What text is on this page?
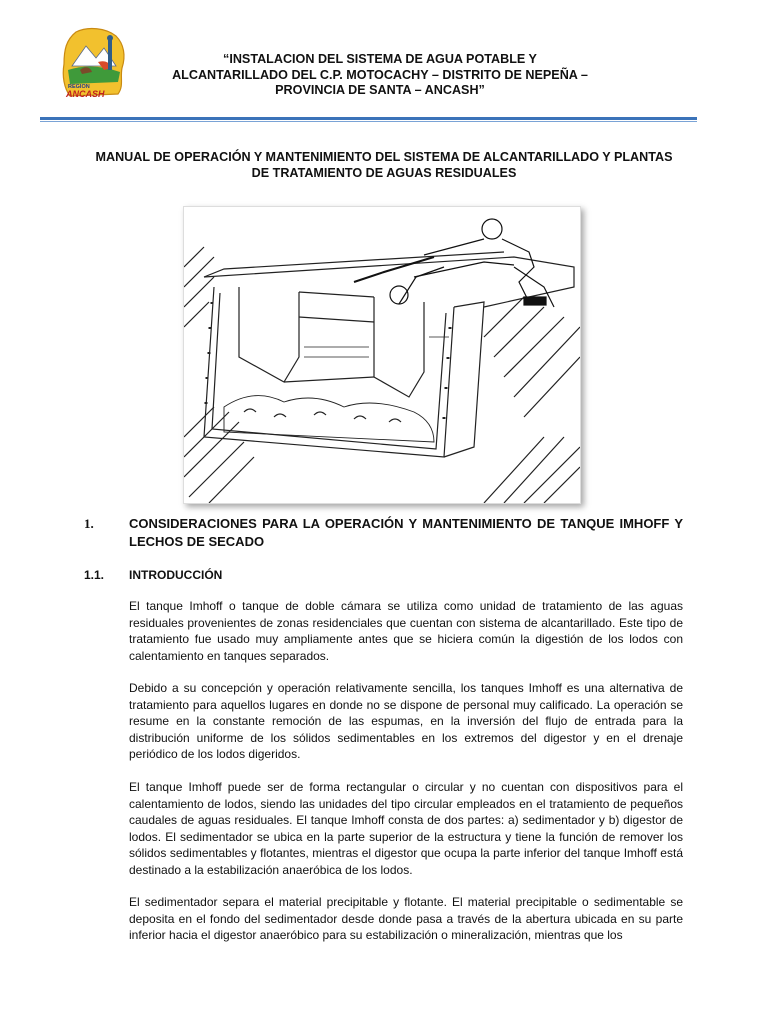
REGION
ANCASH
“INSTALACION DEL SISTEMA DE AGUA POTABLE Y
ALCANTARILLADO DEL C.P. MOTOCACHY – DISTRITO DE NEPEÑA –
PROVINCIA DE SANTA – ANCASH”
MANUAL DE OPERACIÓN Y MANTENIMIENTO DEL SISTEMA DE ALCANTARILLADO Y PLANTAS
DE TRATAMIENTO DE AGUAS RESIDUALES
1.	CONSIDERACIONES PARA LA OPERACIÓN Y MANTENIMIENTO DE TANQUE IMHOFF Y LECHOS DE SECADO
1.1. INTRODUCCIÓN

El tanque Imhoff o tanque de doble cámara se utiliza como unidad de tratamiento de las aguas residuales provenientes de zonas residenciales que cuentan con sistema de alcantarillado. Este tipo de tratamiento fue usado muy ampliamente antes que se hiciera común la digestión de los lodos con calentamiento en tanques separados.

Debido a su concepción y operación relativamente sencilla, los tanques Imhoff es una alternativa de tratamiento para aquellos lugares en donde no se dispone de personal muy calificado. La operación se resume en la constante remoción de las espumas, en la inversión del flujo de entrada para la distribución uniforme de los sólidos sedimentables en los extremos del digestor y en el drenaje periódico de los lodos digeridos.

El tanque Imhoff puede ser de forma rectangular o circular y no cuentan con dispositivos para el calentamiento de lodos, siendo las unidades del tipo circular empleados en el tratamiento de pequeños caudales de aguas residuales. El tanque Imhoff consta de dos partes: a) sedimentador y b) digestor de lodos. El sedimentador se ubica en la parte superior de la estructura y tiene la función de remover los sólidos sedimentables y flotantes, mientras el digestor que ocupa la parte inferior del tanque Imhoff está destinado a la estabilización anaeróbica de los lodos.

El sedimentador separa el material precipitable y flotante. El material precipitable o sedimentable se deposita en el fondo del sedimentador desde donde pasa a través de la abertura ubicada en su parte inferior hacia el digestor anaeróbico para su estabilización o mineralización, mientras que los
